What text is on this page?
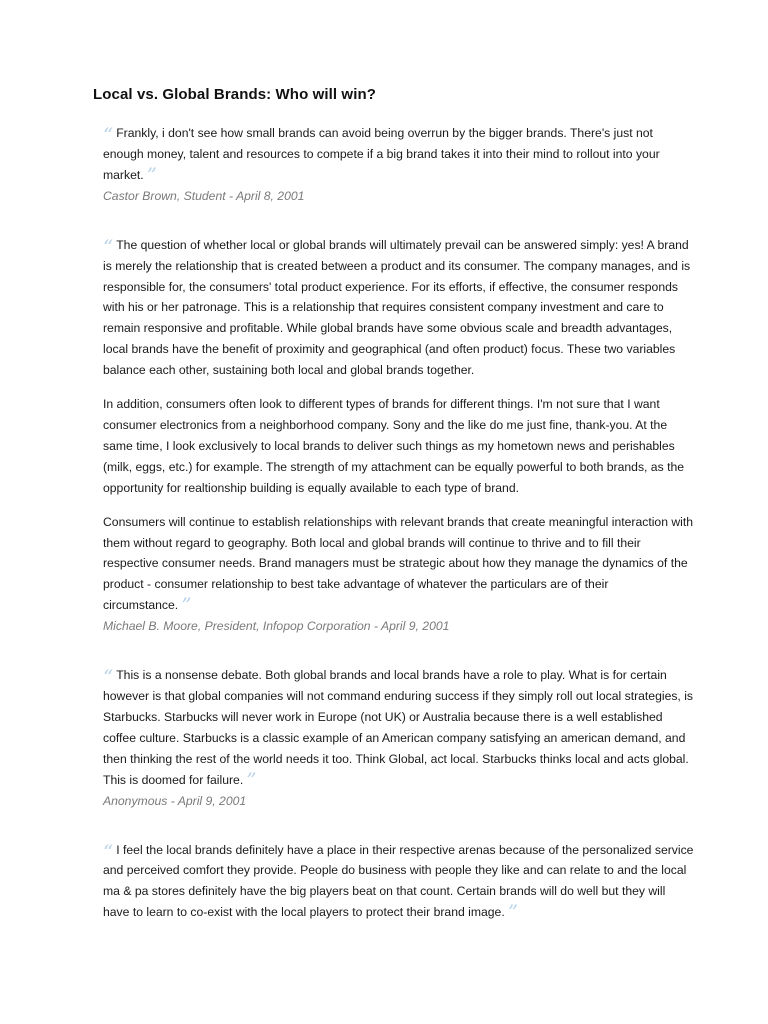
Local vs. Global Brands: Who will win?

“ Frankly, i don't see how small brands can avoid being overrun by the bigger brands. There's just not enough money, talent and resources to compete if a big brand takes it into their mind to rollout into your market. ”

Castor Brown, Student - April 8, 2001

“ The question of whether local or global brands will ultimately prevail can be answered simply: yes! A brand is merely the relationship that is created between a product and its consumer. The company manages, and is responsible for, the consumers' total product experience. For its efforts, if effective, the consumer responds with his or her patronage. This is a relationship that requires consistent company investment and care to remain responsive and profitable. While global brands have some obvious scale and breadth advantages, local brands have the benefit of proximity and geographical (and often product) focus. These two variables balance each other, sustaining both local and global brands together.

In addition, consumers often look to different types of brands for different things. I'm not sure that I want consumer electronics from a neighborhood company. Sony and the like do me just fine, thank-you. At the same time, I look exclusively to local brands to deliver such things as my hometown news and perishables (milk, eggs, etc.) for example. The strength of my attachment can be equally powerful to both brands, as the opportunity for realtionship building is equally available to each type of brand.

Consumers will continue to establish relationships with relevant brands that create meaningful interaction with them without regard to geography. Both local and global brands will continue to thrive and to fill their respective consumer needs. Brand managers must be strategic about how they manage the dynamics of the product - consumer relationship to best take advantage of whatever the particulars are of their circumstance. ”

Michael B. Moore, President, Infopop Corporation - April 9, 2001

“ This is a nonsense debate. Both global brands and local brands have a role to play. What is for certain however is that global companies will not command enduring success if they simply roll out local strategies, is Starbucks. Starbucks will never work in Europe (not UK) or Australia because there is a well established coffee culture. Starbucks is a classic example of an American company satisfying an american demand, and then thinking the rest of the world needs it too. Think Global, act local. Starbucks thinks local and acts global. This is doomed for failure. ”

Anonymous - April 9, 2001

“ I feel the local brands definitely have a place in their respective arenas because of the personalized service and perceived comfort they provide. People do business with people they like and can relate to and the local ma & pa stores definitely have the big players beat on that count. Certain brands will do well but they will have to learn to co-exist with the local players to protect their brand image. ”
